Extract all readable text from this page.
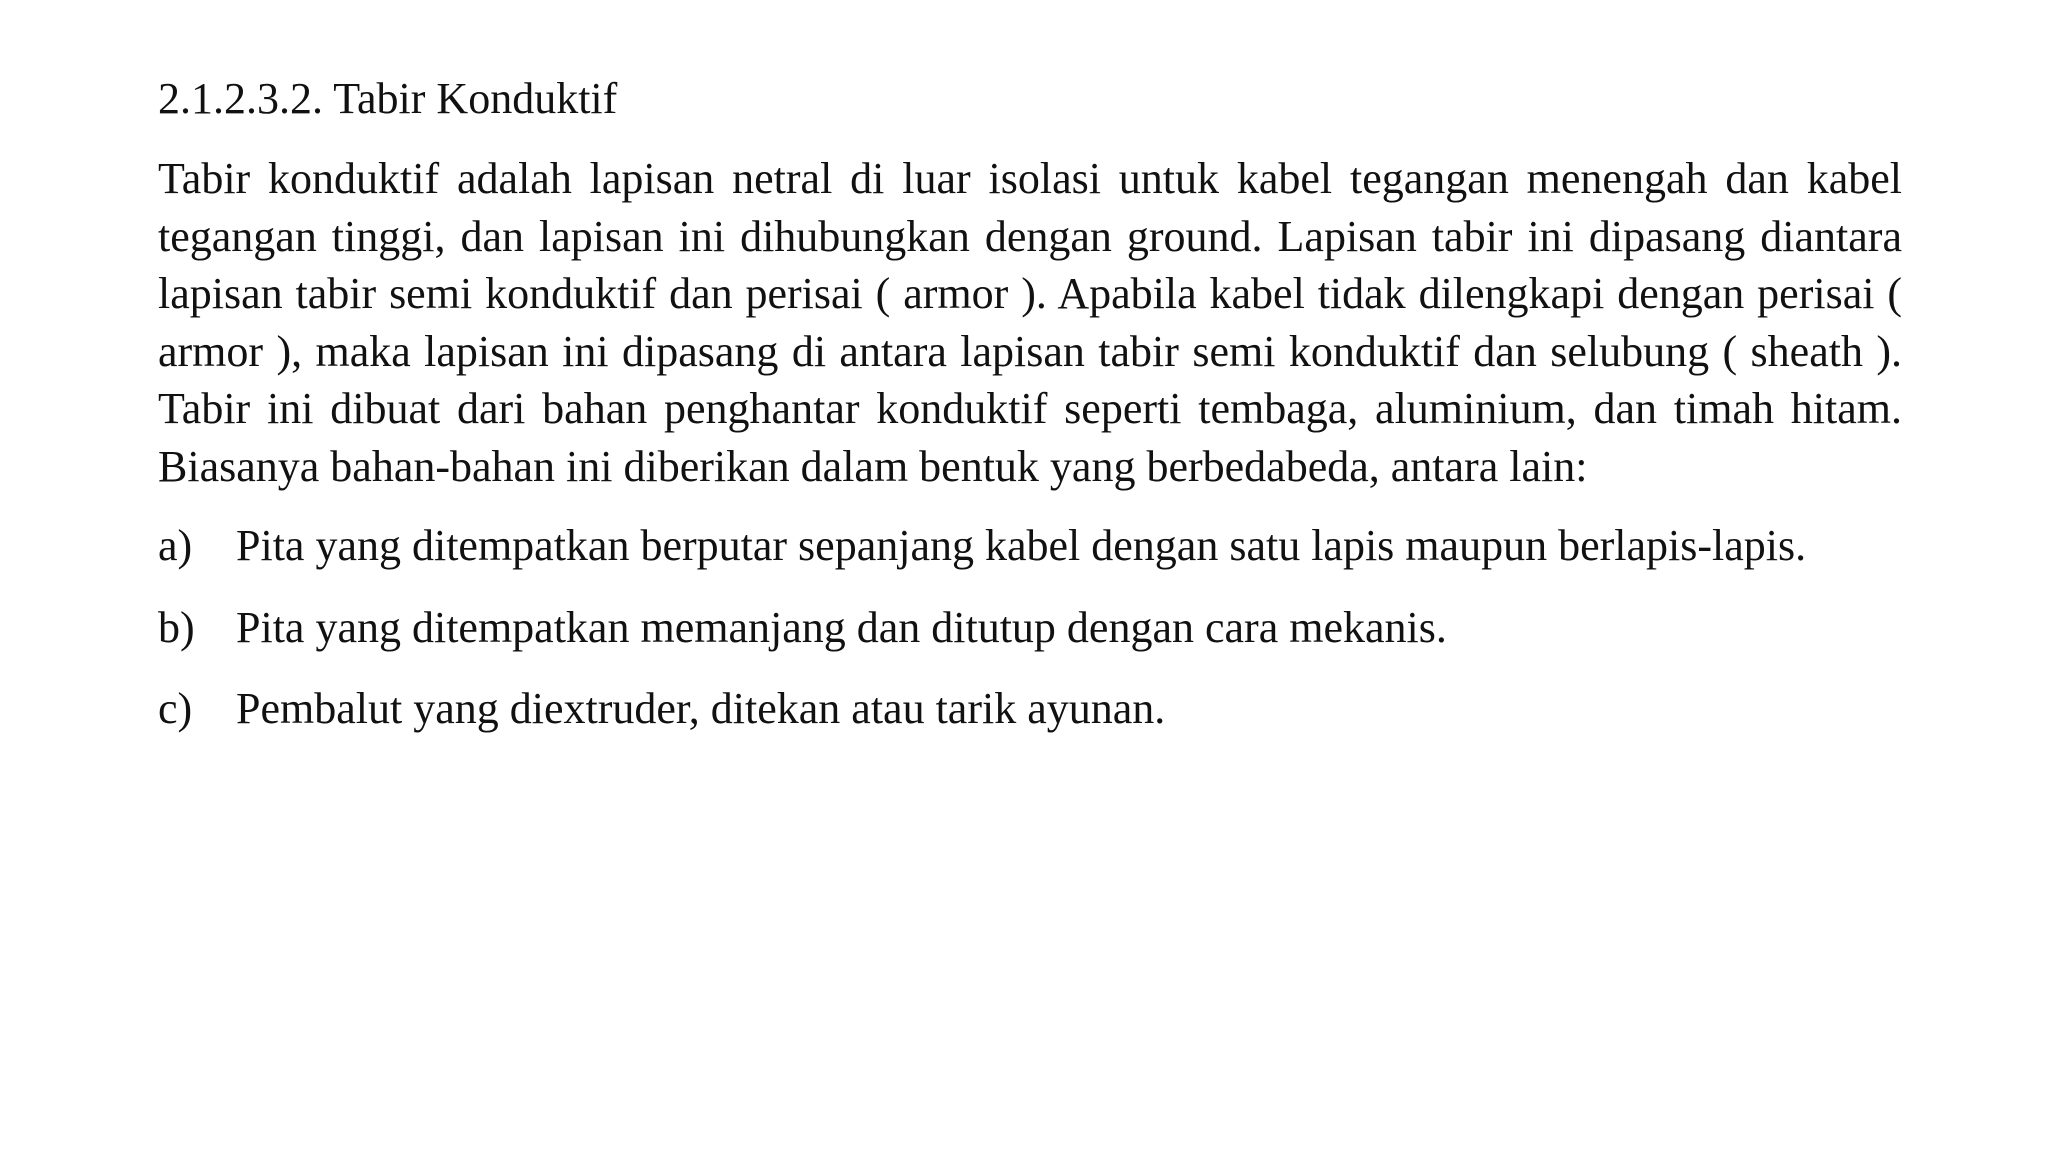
2.1.2.3.2. Tabir Konduktif

Tabir konduktif adalah lapisan netral di luar isolasi untuk kabel tegangan menengah dan kabel tegangan tinggi, dan lapisan ini dihubungkan dengan ground. Lapisan tabir ini dipasang diantara lapisan tabir semi konduktif dan perisai ( armor ). Apabila kabel tidak dilengkapi dengan perisai ( armor ), maka lapisan ini dipasang di antara lapisan tabir semi konduktif dan selubung ( sheath ). Tabir ini dibuat dari bahan penghantar konduktif seperti tembaga, aluminium, dan timah hitam. Biasanya bahan-bahan ini diberikan dalam bentuk yang berbedabeda, antara lain:

a) Pita yang ditempatkan berputar sepanjang kabel dengan satu lapis maupun berlapis-lapis.
b) Pita yang ditempatkan memanjang dan ditutup dengan cara mekanis.
c) Pembalut yang diextruder, ditekan atau tarik ayunan.
